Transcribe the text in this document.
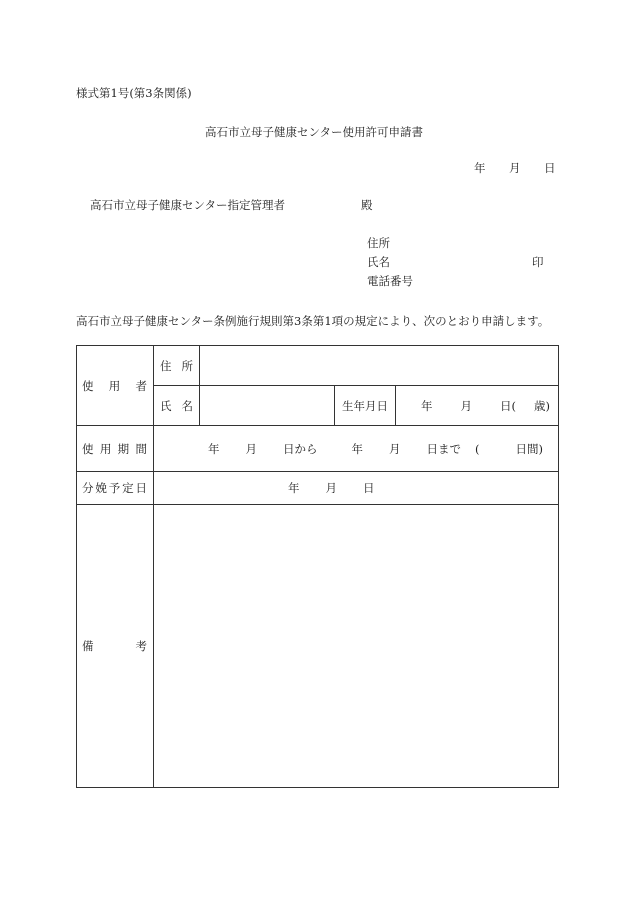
様式第1号(第3条関係)
高石市立母子健康センター使用許可申請書
年 月 日
高石市立母子健康センター指定管理者	殿
住所
氏名	印
電話番号
高石市立母子健康センター条例施行規則第3条第1項の規定により、次のとおり申請します。
使 用 者	住 所			
	氏 名		生年月日	年 月 日( 歳)

使 用 期 間	年 月 日から 年 月 日まで ( 日間)			

分 娩 予 定 日	年 月 日			

備 考				
